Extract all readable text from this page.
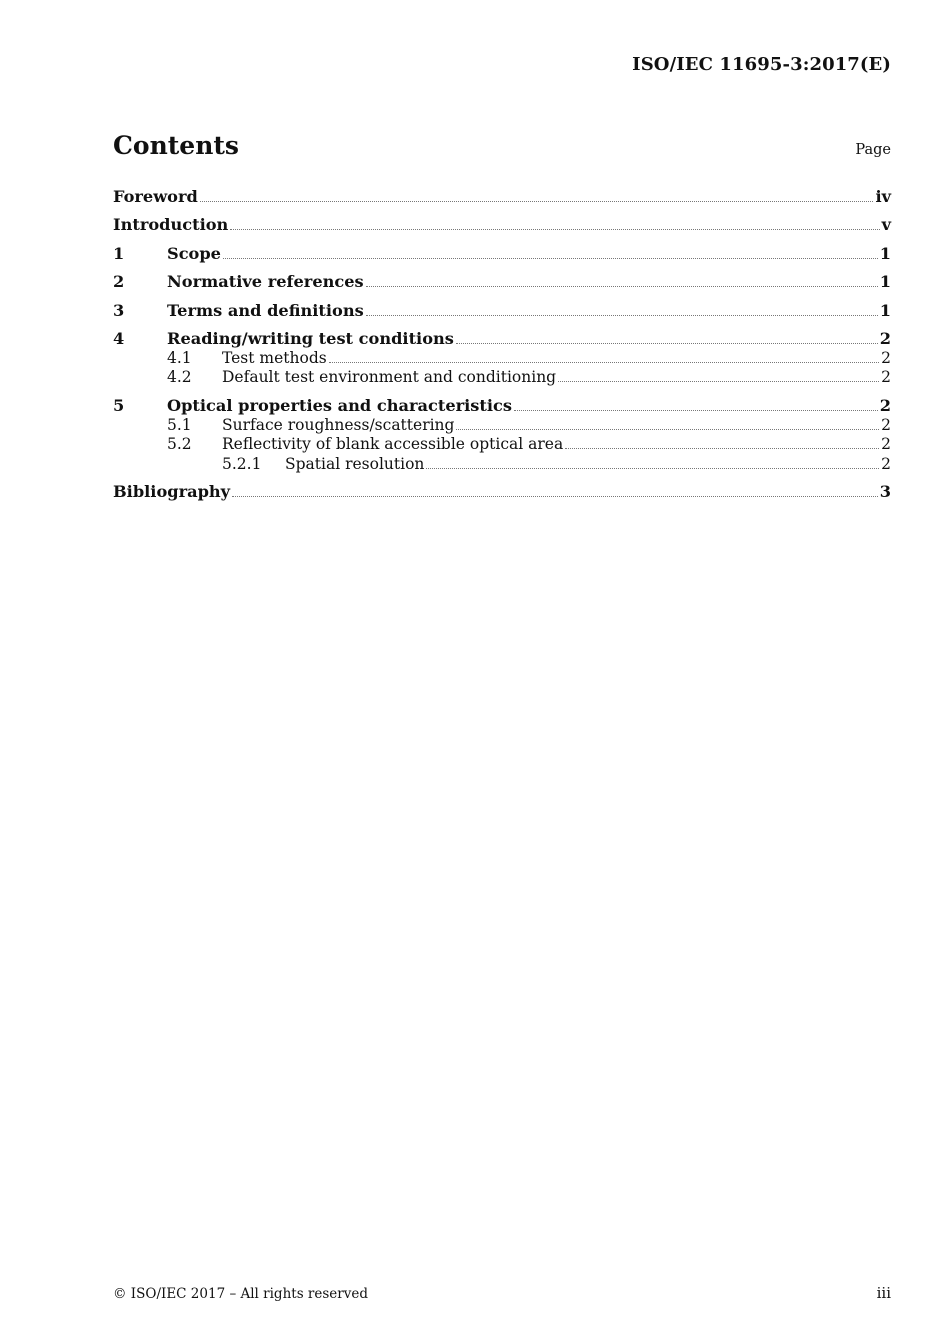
ISO/IEC 11695-3:2017(E)
Contents	Page
Foreword	iv
Introduction	v
1	Scope	1
2	Normative references	1
3	Terms and definitions	1
4	Reading/writing test conditions	2
4.1	Test methods	2
4.2	Default test environment and conditioning	2
5	Optical properties and characteristics	2
5.1	Surface roughness/scattering	2
5.2	Reflectivity of blank accessible optical area	2
5.2.1	Spatial resolution	2
Bibliography	3
© ISO/IEC 2017 – All rights reserved	iii
